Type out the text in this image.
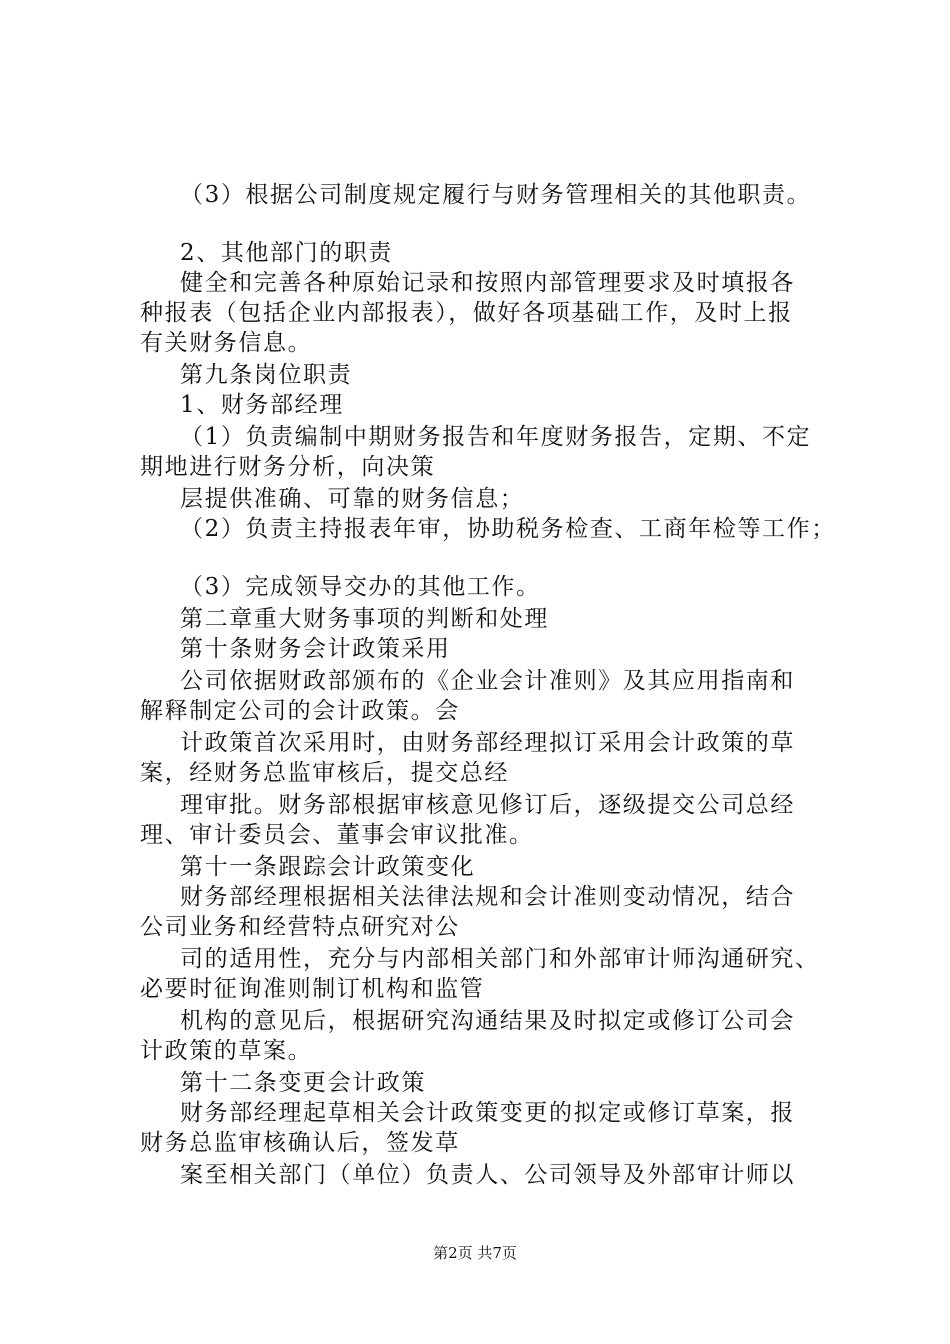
（3）根据公司制度规定履行与财务管理相关的其他职责。
2、其他部门的职责
健全和完善各种原始记录和按照内部管理要求及时填报各
种报表（包括企业内部报表），做好各项基础工作，及时上报
有关财务信息。
第九条岗位职责
1、财务部经理
（1）负责编制中期财务报告和年度财务报告，定期、不定
期地进行财务分析，向决策
层提供准确、可靠的财务信息；
（2）负责主持报表年审，协助税务检查、工商年检等工作；
（3）完成领导交办的其他工作。
第二章重大财务事项的判断和处理
第十条财务会计政策采用
公司依据财政部颁布的《企业会计准则》及其应用指南和
解释制定公司的会计政策。会
计政策首次采用时，由财务部经理拟订采用会计政策的草
案，经财务总监审核后，提交总经
理审批。财务部根据审核意见修订后，逐级提交公司总经
理、审计委员会、董事会审议批准。
第十一条跟踪会计政策变化
财务部经理根据相关法律法规和会计准则变动情况，结合
公司业务和经营特点研究对公
司的适用性，充分与内部相关部门和外部审计师沟通研究、
必要时征询准则制订机构和监管
机构的意见后，根据研究沟通结果及时拟定或修订公司会
计政策的草案。
第十二条变更会计政策
财务部经理起草相关会计政策变更的拟定或修订草案，报
财务总监审核确认后，签发草
案至相关部门（单位）负责人、公司领导及外部审计师以
第2页 共7页
